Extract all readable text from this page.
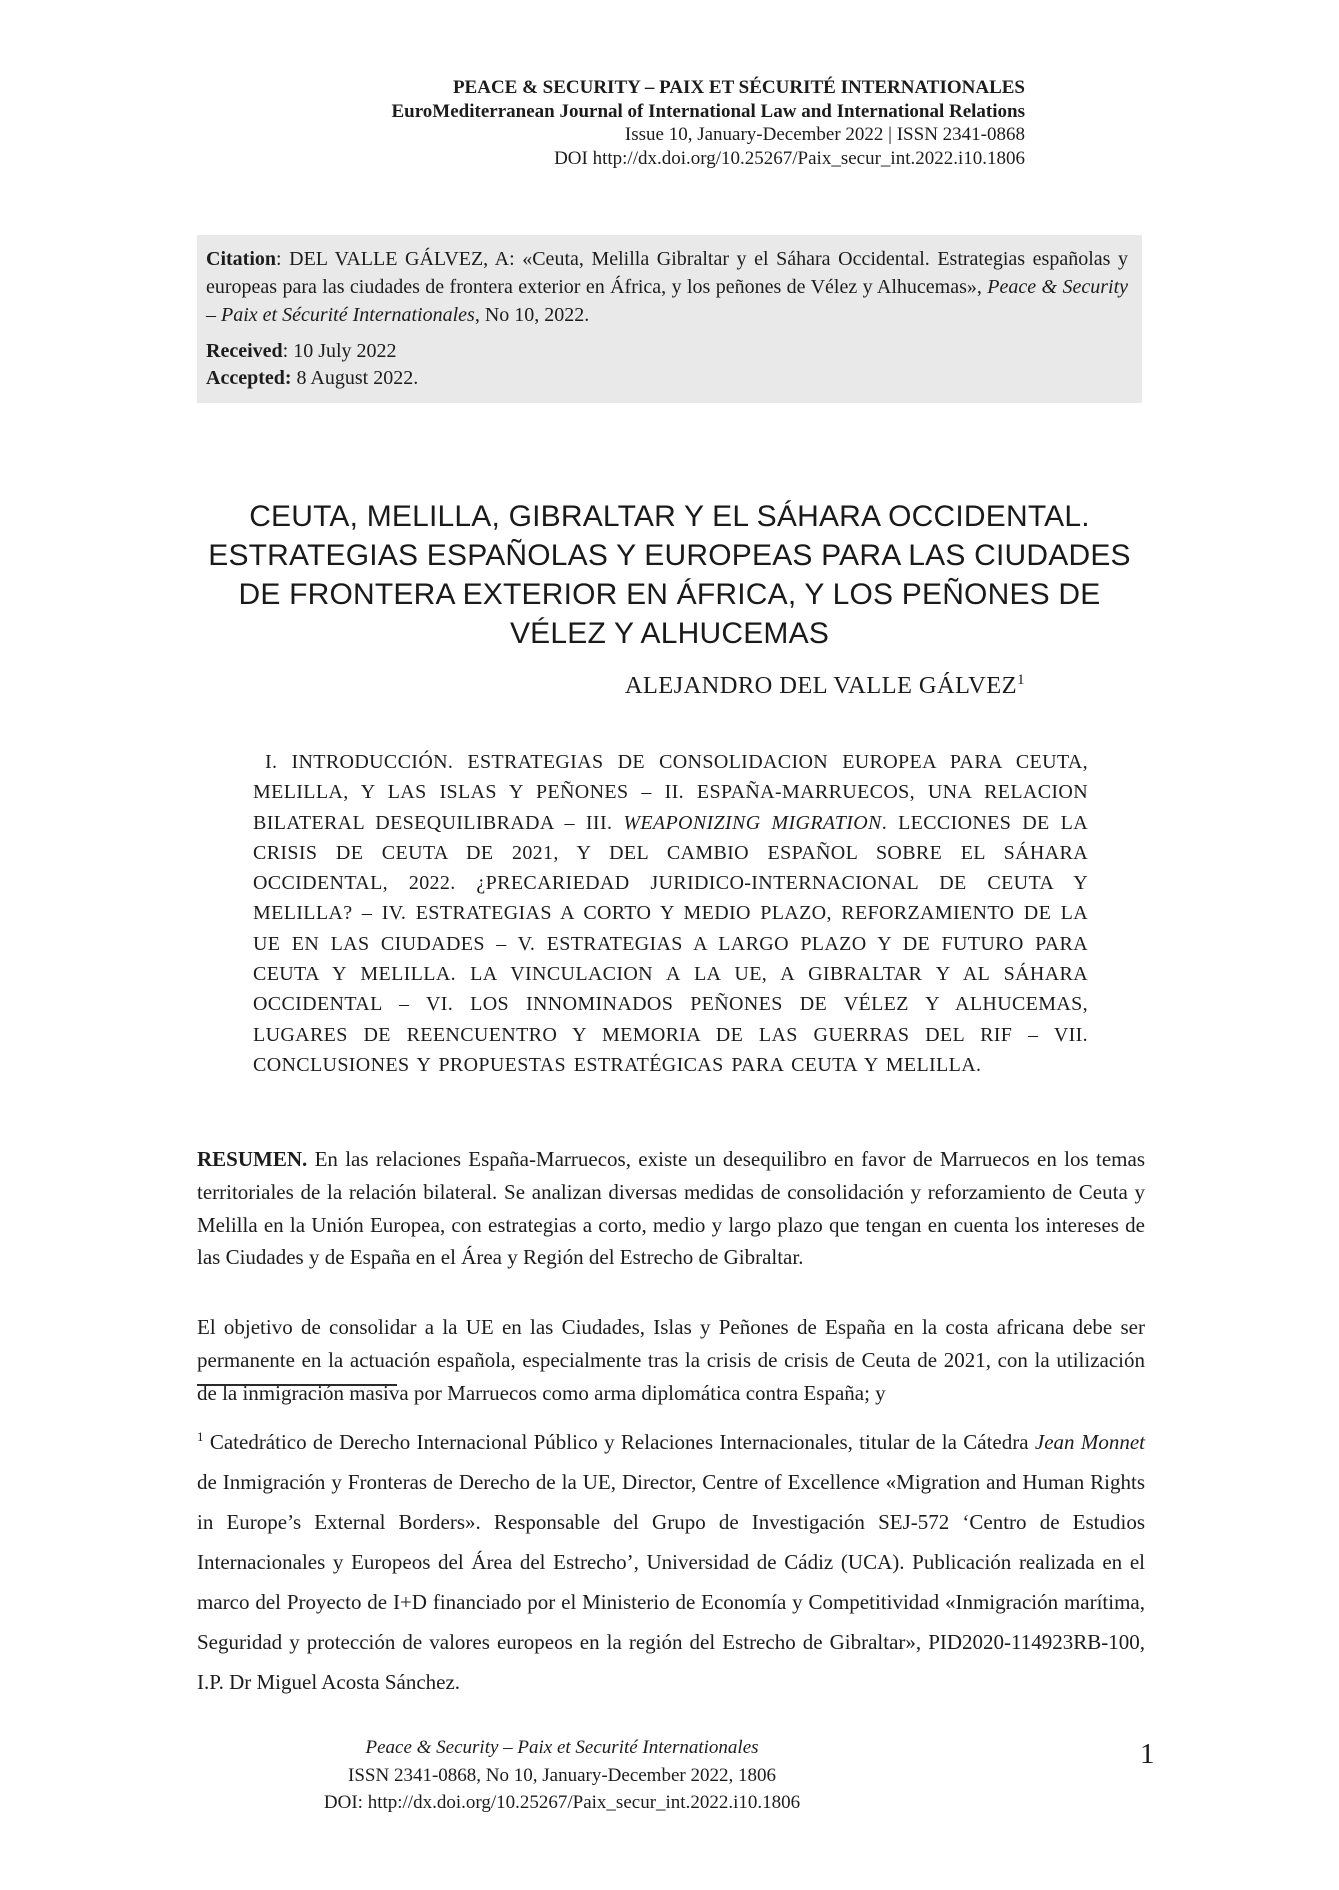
PEACE & SECURITY – PAIX ET SÉCURITÉ INTERNATIONALES
EuroMediterranean Journal of International Law and International Relations
Issue 10, January-December 2022 | ISSN 2341-0868
DOI http://dx.doi.org/10.25267/Paix_secur_int.2022.i10.1806

Citation: DEL VALLE GÁLVEZ, A: «Ceuta, Melilla Gibraltar y el Sáhara Occidental. Estrategias españolas y europeas para las ciudades de frontera exterior en África, y los peñones de Vélez y Alhucemas», Peace & Security – Paix et Sécurité Internationales, No 10, 2022.

Received: 10 July 2022
Accepted: 8 August 2022.
CEUTA, MELILLA, GIBRALTAR Y EL SÁHARA OCCIDENTAL.
ESTRATEGIAS ESPAÑOLAS Y EUROPEAS PARA LAS CIUDADES
DE FRONTERA EXTERIOR EN ÁFRICA, Y LOS PEÑONES DE
VÉLEZ Y ALHUCEMAS
ALEJANDRO DEL VALLE GÁLVEZ$^1$

I. INTRODUCCIÓN. ESTRATEGIAS DE CONSOLIDACION EUROPEA PARA CEUTA, MELILLA, Y LAS ISLAS Y PEÑONES – II. ESPAÑA-MARRUECOS, UNA RELACION BILATERAL DESEQUILIBRADA – III. WEAPONIZING MIGRATION. LECCIONES DE LA CRISIS DE CEUTA DE 2021, Y DEL CAMBIO ESPAÑOL SOBRE EL SÁHARA OCCIDENTAL, 2022. ¿PRECARIEDAD JURIDICO-INTERNACIONAL DE CEUTA Y MELILLA? – IV. ESTRATEGIAS A CORTO Y MEDIO PLAZO, REFORZAMIENTO DE LA UE EN LAS CIUDADES – V. ESTRATEGIAS A LARGO PLAZO Y DE FUTURO PARA CEUTA Y MELILLA. LA VINCULACION A LA UE, A GIBRALTAR Y AL SÁHARA OCCIDENTAL – VI. LOS INNOMINADOS PEÑONES DE VÉLEZ Y ALHUCEMAS, LUGARES DE REENCUENTRO Y MEMORIA DE LAS GUERRAS DEL RIF – VII. CONCLUSIONES Y PROPUESTAS ESTRATÉGICAS PARA CEUTA Y MELILLA.

RESUMEN. En las relaciones España-Marruecos, existe un desequilibro en favor de Marruecos en los temas territoriales de la relación bilateral. Se analizan diversas medidas de consolidación y reforzamiento de Ceuta y Melilla en la Unión Europea, con estrategias a corto, medio y largo plazo que tengan en cuenta los intereses de las Ciudades y de España en el Área y Región del Estrecho de Gibraltar.

El objetivo de consolidar a la UE en las Ciudades, Islas y Peñones de España en la costa africana debe ser permanente en la actuación española, especialmente tras la crisis de crisis de Ceuta de 2021, con la utilización de la inmigración masiva por Marruecos como arma diplomática contra España; y

$^1$ Catedrático de Derecho Internacional Público y Relaciones Internacionales, titular de la Cátedra Jean Monnet de Inmigración y Fronteras de Derecho de la UE, Director, Centre of Excellence «Migration and Human Rights in Europe’s External Borders». Responsable del Grupo de Investigación SEJ-572 ‘Centro de Estudios Internacionales y Europeos del Área del Estrecho’, Universidad de Cádiz (UCA). Publicación realizada en el marco del Proyecto de I+D financiado por el Ministerio de Economía y Competitividad «Inmigración marítima, Seguridad y protección de valores europeos en la región del Estrecho de Gibraltar», PID2020-114923RB-100, I.P. Dr Miguel Acosta Sánchez.

Peace & Security – Paix et Securité Internationales
ISSN 2341-0868, No 10, January-December 2022, 1806
DOI: http://dx.doi.org/10.25267/Paix_secur_int.2022.i10.1806
1
